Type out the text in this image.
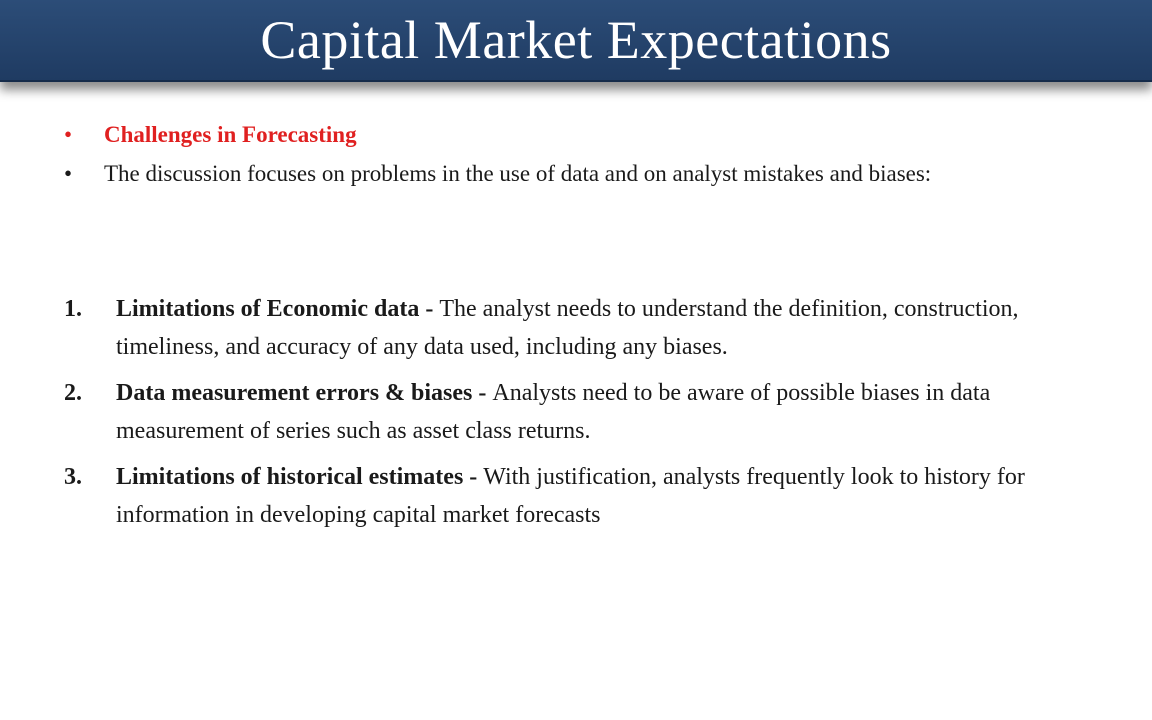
Capital Market Expectations
• Challenges in Forecasting
• The discussion focuses on problems in the use of data and on analyst mistakes and biases:
1. Limitations of Economic data - The analyst needs to understand the definition, construction, timeliness, and accuracy of any data used, including any biases.
2. Data measurement errors & biases - Analysts need to be aware of possible biases in data measurement of series such as asset class returns.
3. Limitations of historical estimates - With justification, analysts frequently look to history for information in developing capital market forecasts
